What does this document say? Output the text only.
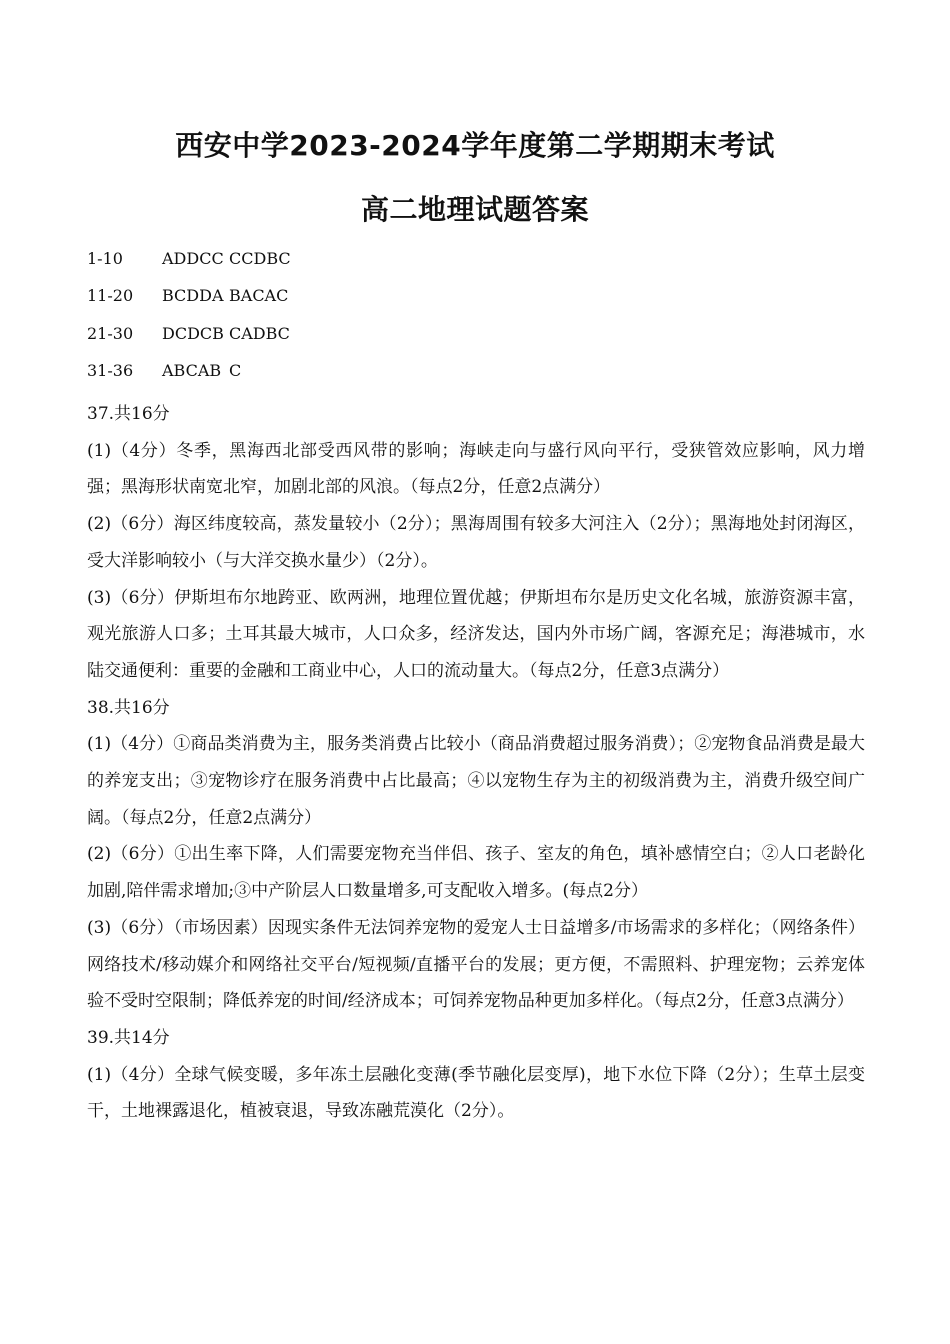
西安中学2023-2024学年度第二学期期末考试
高二地理试题答案
1-10 ADDCC CCDBC
11-20 BCDDA BACAC
21-30 DCDCB CADBC
31-36 ABCAB C

37.共16分

(1)（4分）冬季，黑海西北部受西风带的影响；海峡走向与盛行风向平行，受狭管效应影响，风力增强；黑海形状南宽北窄，加剧北部的风浪。（每点2分，任意2点满分）

(2)（6分）海区纬度较高，蒸发量较小（2分）；黑海周围有较多大河注入（2分）；黑海地处封闭海区，受大洋影响较小（与大洋交换水量少）（2分）。

(3)（6分）伊斯坦布尔地跨亚、欧两洲，地理位置优越；伊斯坦布尔是历史文化名城，旅游资源丰富，观光旅游人口多；土耳其最大城市，人口众多，经济发达，国内外市场广阔，客源充足；海港城市，水陆交通便利：重要的金融和工商业中心，人口的流动量大。（每点2分，任意3点满分）

38.共16分

(1)（4分）①商品类消费为主，服务类消费占比较小（商品消费超过服务消费）；②宠物食品消费是最大的养宠支出；③宠物诊疗在服务消费中占比最高；④以宠物生存为主的初级消费为主，消费升级空间广阔。（每点2分，任意2点满分）

(2)（6分）①出生率下降，人们需要宠物充当伴侣、孩子、室友的角色，填补感情空白；②人口老龄化加剧,陪伴需求增加;③中产阶层人口数量增多,可支配收入增多。(每点2分）

(3)（6分）（市场因素）因现实条件无法饲养宠物的爱宠人士日益增多/市场需求的多样化；（网络条件）网络技术/移动媒介和网络社交平台/短视频/直播平台的发展；更方便，不需照料、护理宠物；云养宠体验不受时空限制；降低养宠的时间/经济成本；可饲养宠物品种更加多样化。（每点2分，任意3点满分）

39.共14分

(1)（4分）全球气候变暖，多年冻土层融化变薄(季节融化层变厚)，地下水位下降（2分）；生草土层变干，土地裸露退化，植被衰退，导致冻融荒漠化（2分）。
